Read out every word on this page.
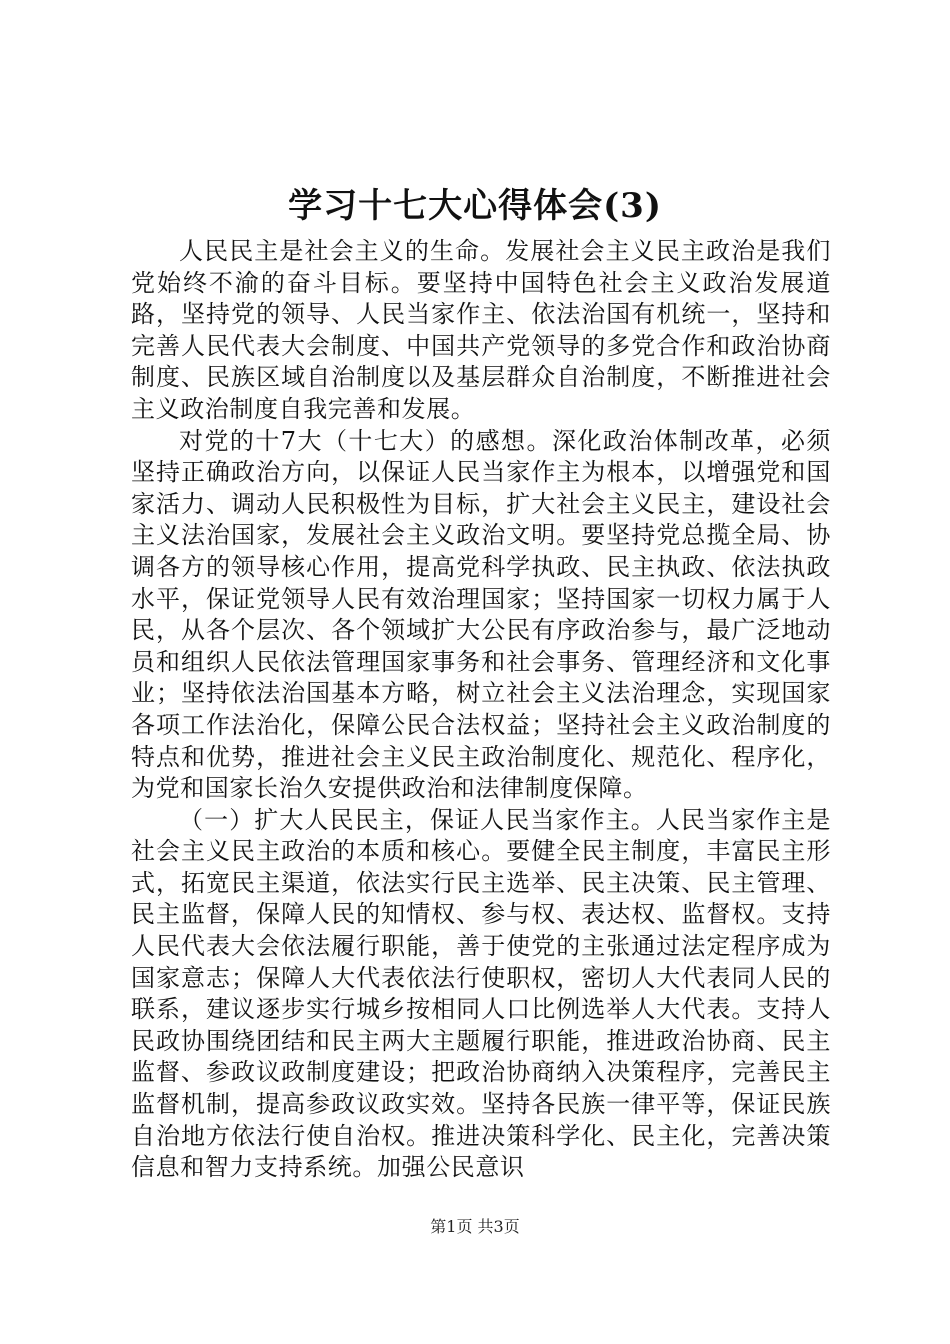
学习十七大心得体会(3)

人民民主是社会主义的生命。发展社会主义民主政治是我们党始终不渝的奋斗目标。要坚持中国特色社会主义政治发展道路，坚持党的领导、人民当家作主、依法治国有机统一，坚持和完善人民代表大会制度、中国共产党领导的多党合作和政治协商制度、民族区域自治制度以及基层群众自治制度，不断推进社会主义政治制度自我完善和发展。

对党的十7大（十七大）的感想。深化政治体制改革，必须坚持正确政治方向，以保证人民当家作主为根本，以增强党和国家活力、调动人民积极性为目标，扩大社会主义民主，建设社会主义法治国家，发展社会主义政治文明。要坚持党总揽全局、协调各方的领导核心作用，提高党科学执政、民主执政、依法执政水平，保证党领导人民有效治理国家；坚持国家一切权力属于人民，从各个层次、各个领域扩大公民有序政治参与，最广泛地动员和组织人民依法管理国家事务和社会事务、管理经济和文化事业；坚持依法治国基本方略，树立社会主义法治理念，实现国家各项工作法治化，保障公民合法权益；坚持社会主义政治制度的特点和优势，推进社会主义民主政治制度化、规范化、程序化，为党和国家长治久安提供政治和法律制度保障。

（一）扩大人民民主，保证人民当家作主。人民当家作主是社会主义民主政治的本质和核心。要健全民主制度，丰富民主形式，拓宽民主渠道，依法实行民主选举、民主决策、民主管理、民主监督，保障人民的知情权、参与权、表达权、监督权。支持人民代表大会依法履行职能，善于使党的主张通过法定程序成为国家意志；保障人大代表依法行使职权，密切人大代表同人民的联系，建议逐步实行城乡按相同人口比例选举人大代表。支持人民政协围绕团结和民主两大主题履行职能，推进政治协商、民主监督、参政议政制度建设；把政治协商纳入决策程序，完善民主监督机制，提高参政议政实效。坚持各民族一律平等，保证民族自治地方依法行使自治权。推进决策科学化、民主化，完善决策信息和智力支持系统。加强公民意识

第1页 共3页
